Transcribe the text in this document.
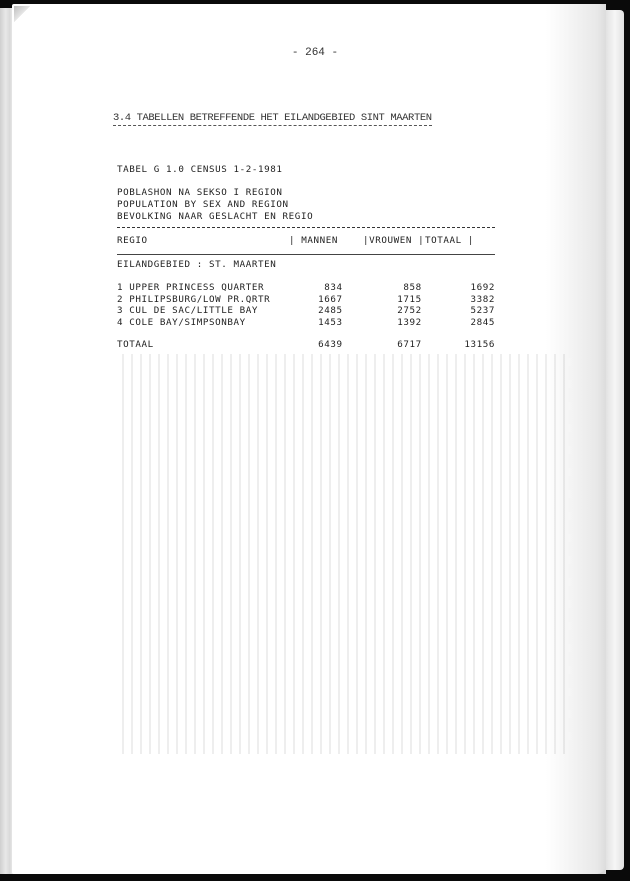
- 264 -
3.4 TABELLEN BETREFFENDE HET EILANDGEBIED SINT MAARTEN
TABEL G 1.0 CENSUS 1-2-1981
POBLASHON NA SEKSO I REGION
POPULATION BY SEX AND REGION
BEVOLKING NAAR GESLACHT EN REGIO
REGIO	| MANNEN	|VROUWEN | TOTAAL |
EILANDGEBIED : ST. MAARTEN
1 UPPER PRINCESS QUARTER	834	858	1692
2 PHILIPSBURG/LOW PR.QRTR	1667	1715	3382
3 CUL DE SAC/LITTLE BAY	2485	2752	5237
4 COLE BAY/SIMPSONBAY	1453	1392	2845
TOTAAL	6439	6717	13156
